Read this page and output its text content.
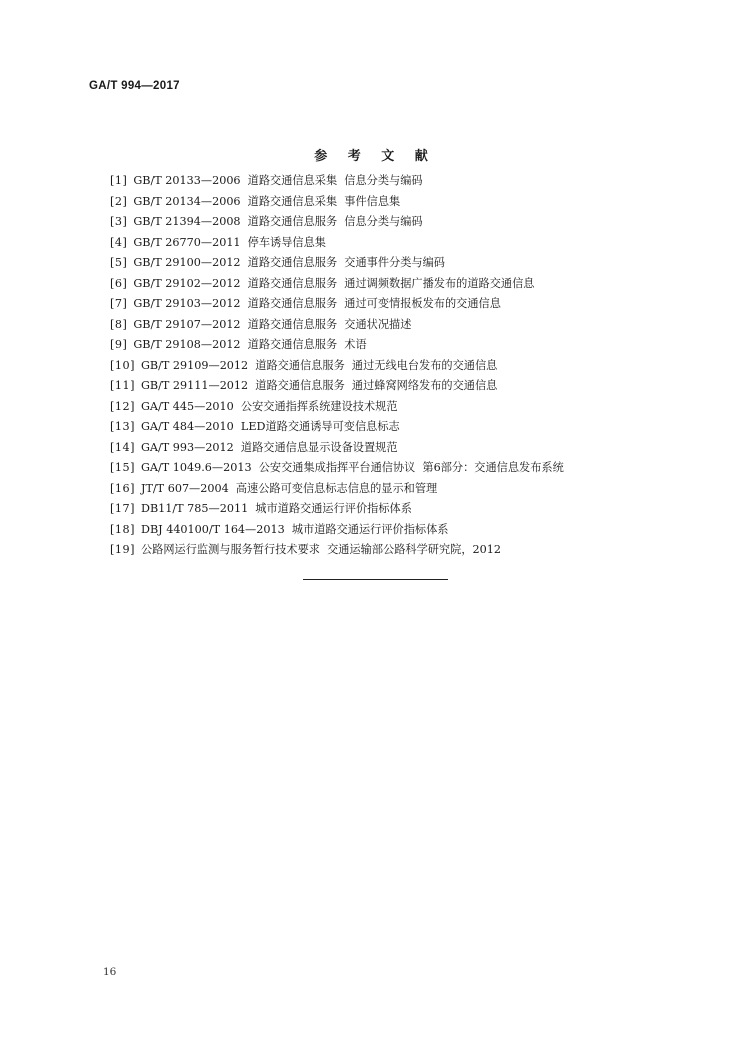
GA/T 994—2017
参 考 文 献
[1] GB/T 20133—2006  道路交通信息采集  信息分类与编码
[2] GB/T 20134—2006  道路交通信息采集  事件信息集
[3] GB/T 21394—2008  道路交通信息服务  信息分类与编码
[4] GB/T 26770—2011  停车诱导信息集
[5] GB/T 29100—2012  道路交通信息服务  交通事件分类与编码
[6] GB/T 29102—2012  道路交通信息服务  通过调频数据广播发布的道路交通信息
[7] GB/T 29103—2012  道路交通信息服务  通过可变情报板发布的交通信息
[8] GB/T 29107—2012  道路交通信息服务  交通状况描述
[9] GB/T 29108—2012  道路交通信息服务  术语
[10] GB/T 29109—2012  道路交通信息服务  通过无线电台发布的交通信息
[11] GB/T 29111—2012  道路交通信息服务  通过蜂窝网络发布的交通信息
[12] GA/T 445—2010  公安交通指挥系统建设技术规范
[13] GA/T 484—2010  LED道路交通诱导可变信息标志
[14] GA/T 993—2012  道路交通信息显示设备设置规范
[15] GA/T 1049.6—2013  公安交通集成指挥平台通信协议  第6部分：交通信息发布系统
[16] JT/T 607—2004  高速公路可变信息标志信息的显示和管理
[17] DB11/T 785—2011  城市道路交通运行评价指标体系
[18] DBJ 440100/T 164—2013  城市道路交通运行评价指标体系
[19] 公路网运行监测与服务暂行技术要求  交通运输部公路科学研究院，2012
16
